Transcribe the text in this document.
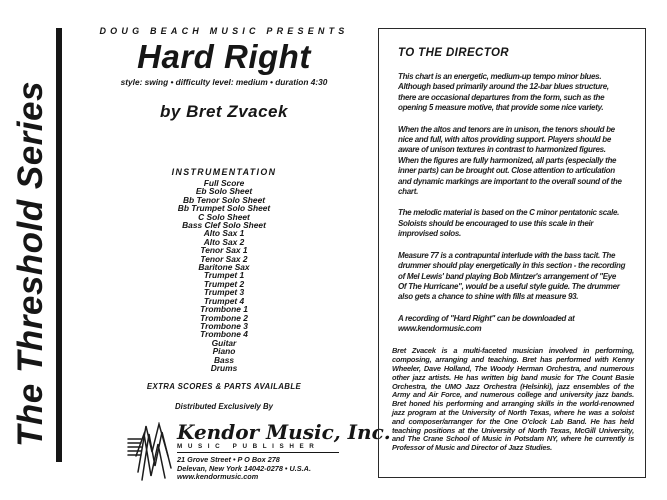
The Threshold Series
DOUG BEACH MUSIC PRESENTS
Hard Right
style: swing • difficulty level: medium • duration 4:30
by Bret Zvacek
INSTRUMENTATION
Full Score
Eb Solo Sheet
Bb Tenor Solo Sheet
Bb Trumpet Solo Sheet
C Solo Sheet
Bass Clef Solo Sheet
Alto Sax 1
Alto Sax 2
Tenor Sax 1
Tenor Sax 2
Baritone Sax
Trumpet 1
Trumpet 2
Trumpet 3
Trumpet 4
Trombone 1
Trombone 2
Trombone 3
Trombone 4
Guitar
Piano
Bass
Drums
EXTRA SCORES & PARTS AVAILABLE
Distributed Exclusively By
Kendor Music, Inc.
MUSIC PUBLISHER
21 Grove Street • P O Box 278
Delevan, New York 14042-0278 • U.S.A.
www.kendormusic.com
TO THE DIRECTOR
This chart is an energetic, medium-up tempo minor blues. Although based primarily around the 12-bar blues structure, there are occasional departures from the form, such as the opening 5 measure motive, that provide some nice variety.
When the altos and tenors are in unison, the tenors should be nice and full, with altos providing support. Players should be aware of unison textures in contrast to harmonized figures. When the figures are fully harmonized, all parts (especially the inner parts) can be brought out. Close attention to articulation and dynamic markings are important to the overall sound of the chart.
The melodic material is based on the C minor pentatonic scale. Soloists should be encouraged to use this scale in their improvised solos.
Measure 77 is a contrapuntal interlude with the bass tacit. The drummer should play energetically in this section - the recording of Mel Lewis' band playing Bob Mintzer's arrangement of "Eye Of The Hurricane", would be a useful style guide. The drummer also gets a chance to shine with fills at measure 93.
A recording of "Hard Right" can be downloaded at www.kendormusic.com
Bret Zvacek is a multi-faceted musician involved in performing, composing, arranging and teaching. Bret has performed with Kenny Wheeler, Dave Holland, The Woody Herman Orchestra, and numerous other jazz artists. He has written big band music for The Count Basie Orchestra, the UMO Jazz Orchestra (Helsinki), jazz ensembles of the Army and Air Force, and numerous college and university jazz bands. Bret honed his performing and arranging skills in the world-renowned jazz program at the University of North Texas, where he was a soloist and composer/arranger for the One O'clock Lab Band. He has held teaching positions at the University of North Texas, McGill University, and The Crane School of Music in Potsdam NY, where he currently is Professor of Music and Director of Jazz Studies.
